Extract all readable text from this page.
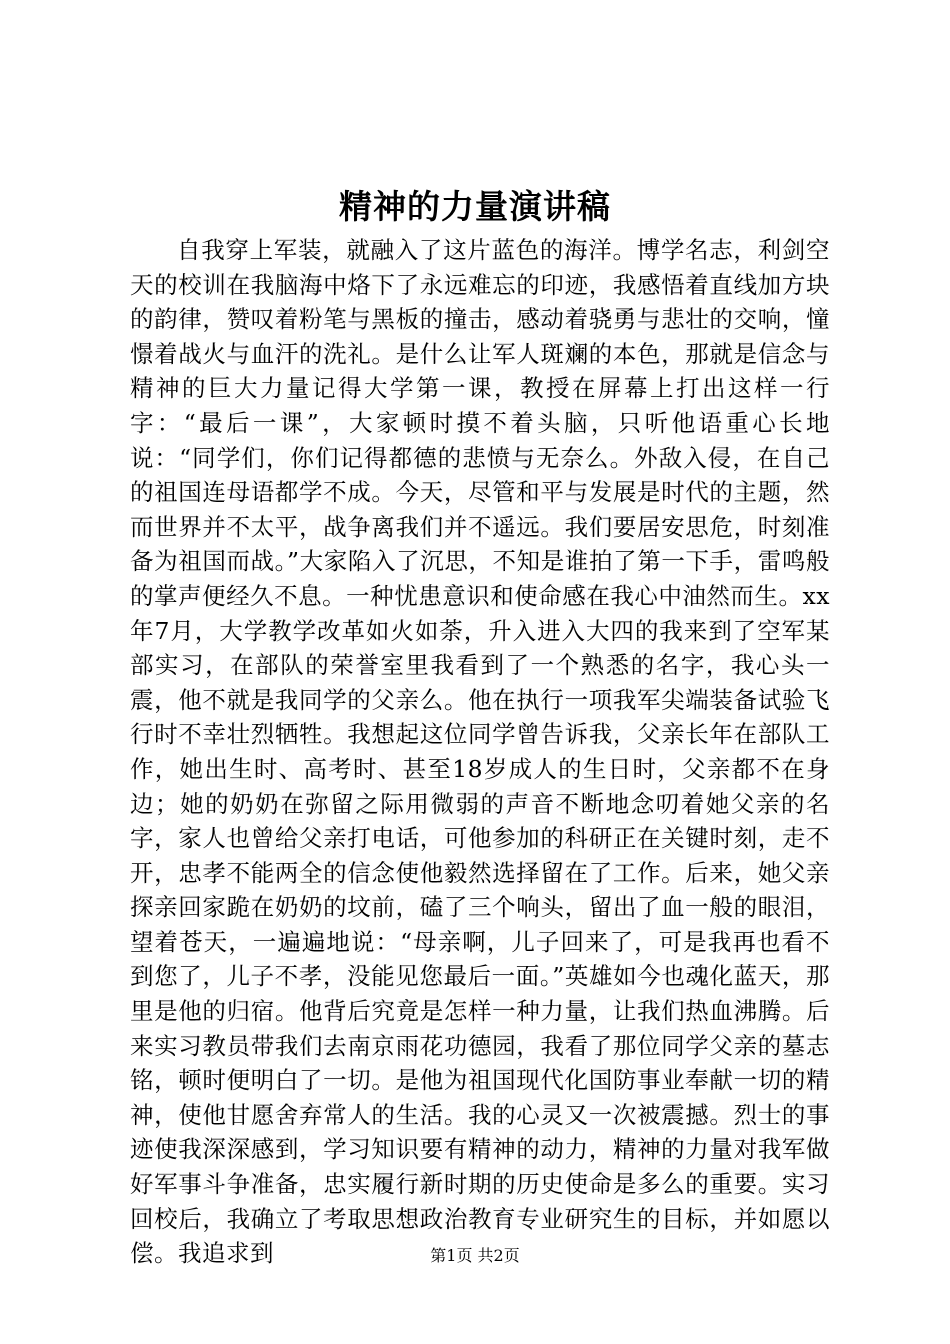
精神的力量演讲稿

自我穿上军装，就融入了这片蓝色的海洋。博学名志，利剑空天的校训在我脑海中烙下了永远难忘的印迹，我感悟着直线加方块的韵律，赞叹着粉笔与黑板的撞击，感动着骁勇与悲壮的交响，憧憬着战火与血汗的洗礼。是什么让军人斑斓的本色，那就是信念与精神的巨大力量记得大学第一课，教授在屏幕上打出这样一行字：“最后一课”，大家顿时摸不着头脑，只听他语重心长地说：“同学们，你们记得都德的悲愤与无奈么。外敌入侵，在自己的祖国连母语都学不成。今天，尽管和平与发展是时代的主题，然而世界并不太平，战争离我们并不遥远。我们要居安思危，时刻准备为祖国而战。”大家陷入了沉思，不知是谁拍了第一下手，雷鸣般的掌声便经久不息。一种忧患意识和使命感在我心中油然而生。xx年7月，大学教学改革如火如荼，升入进入大四的我来到了空军某部实习，在部队的荣誉室里我看到了一个熟悉的名字，我心头一震，他不就是我同学的父亲么。他在执行一项我军尖端装备试验飞行时不幸壮烈牺牲。我想起这位同学曾告诉我，父亲长年在部队工作，她出生时、高考时、甚至18岁成人的生日时，父亲都不在身边；她的奶奶在弥留之际用微弱的声音不断地念叨着她父亲的名字，家人也曾给父亲打电话，可他参加的科研正在关键时刻，走不开，忠孝不能两全的信念使他毅然选择留在了工作。后来，她父亲探亲回家跪在奶奶的坟前，磕了三个响头，留出了血一般的眼泪，望着苍天，一遍遍地说：“母亲啊，儿子回来了，可是我再也看不到您了，儿子不孝，没能见您最后一面。”英雄如今也魂化蓝天，那里是他的归宿。他背后究竟是怎样一种力量，让我们热血沸腾。后来实习教员带我们去南京雨花功德园，我看了那位同学父亲的墓志铭，顿时便明白了一切。是他为祖国现代化国防事业奉献一切的精神，使他甘愿舍弃常人的生活。我的心灵又一次被震撼。烈士的事迹使我深深感到，学习知识要有精神的动力，精神的力量对我军做好军事斗争准备，忠实履行新时期的历史使命是多么的重要。实习回校后，我确立了考取思想政治教育专业研究生的目标，并如愿以偿。我追求到	第1页 共2页
